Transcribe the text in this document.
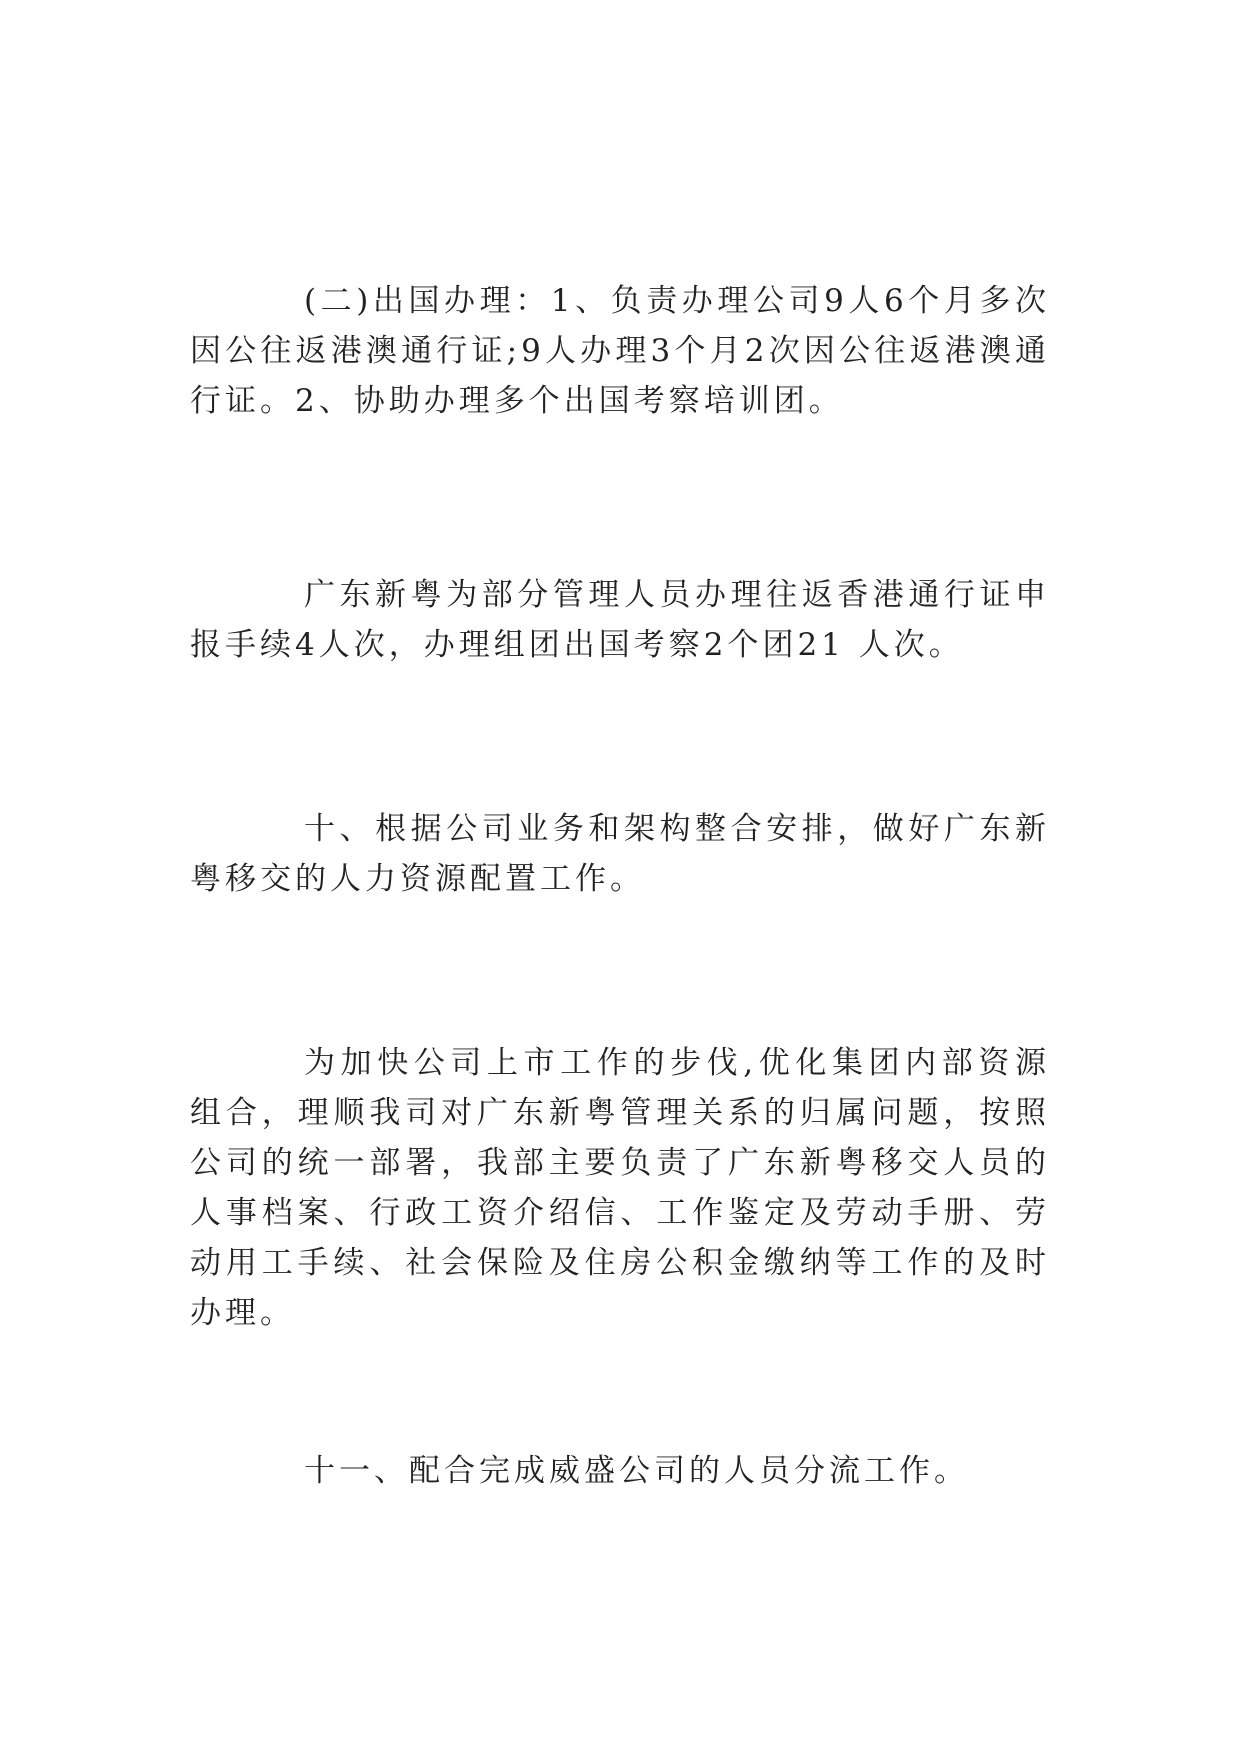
(二)出国办理：1、负责办理公司9人6个月多次因公往返港澳通行证;9人办理3个月2次因公往返港澳通行证。2、协助办理多个出国考察培训团。

广东新粤为部分管理人员办理往返香港通行证申报手续4人次，办理组团出国考察2个团21 人次。

十、根据公司业务和架构整合安排，做好广东新粤移交的人力资源配置工作。

为加快公司上市工作的步伐,优化集团内部资源组合，理顺我司对广东新粤管理关系的归属问题，按照公司的统一部署，我部主要负责了广东新粤移交人员的人事档案、行政工资介绍信、工作鉴定及劳动手册、劳动用工手续、社会保险及住房公积金缴纳等工作的及时办理。

十一、配合完成威盛公司的人员分流工作。
